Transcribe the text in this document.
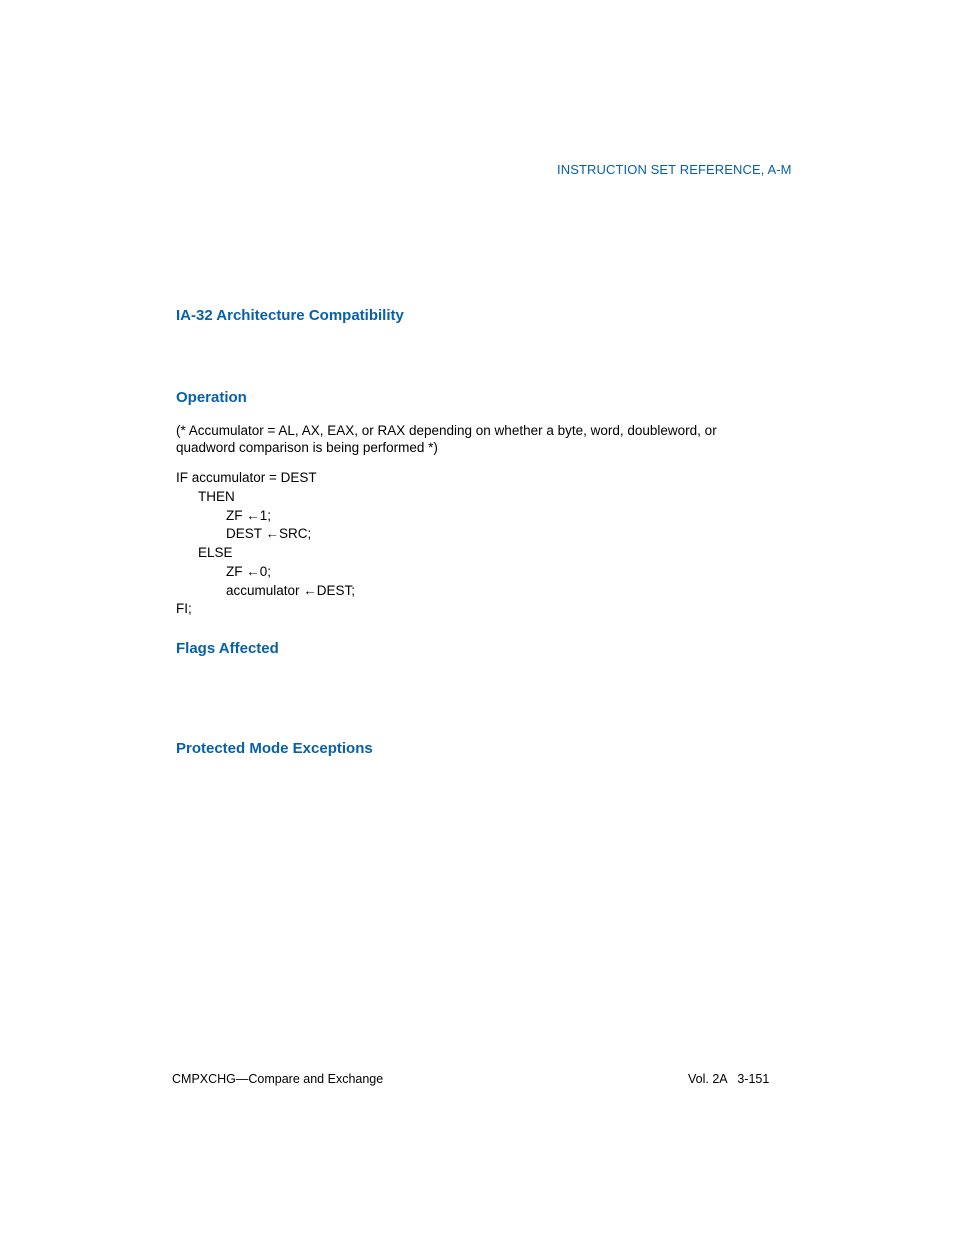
INSTRUCTION SET REFERENCE, A-M
IA-32 Architecture Compatibility
Operation
(* Accumulator = AL, AX, EAX, or RAX depending on whether a byte, word, doubleword, or
quadword comparison is being performed *)
IF accumulator = DEST
THEN
ZF ←1;
DEST ←SRC;
ELSE
ZF ←0;
accumulator ←DEST;
FI;
Flags Affected
Protected Mode Exceptions
CMPXCHG—Compare and Exchange	Vol. 2A   3-151
